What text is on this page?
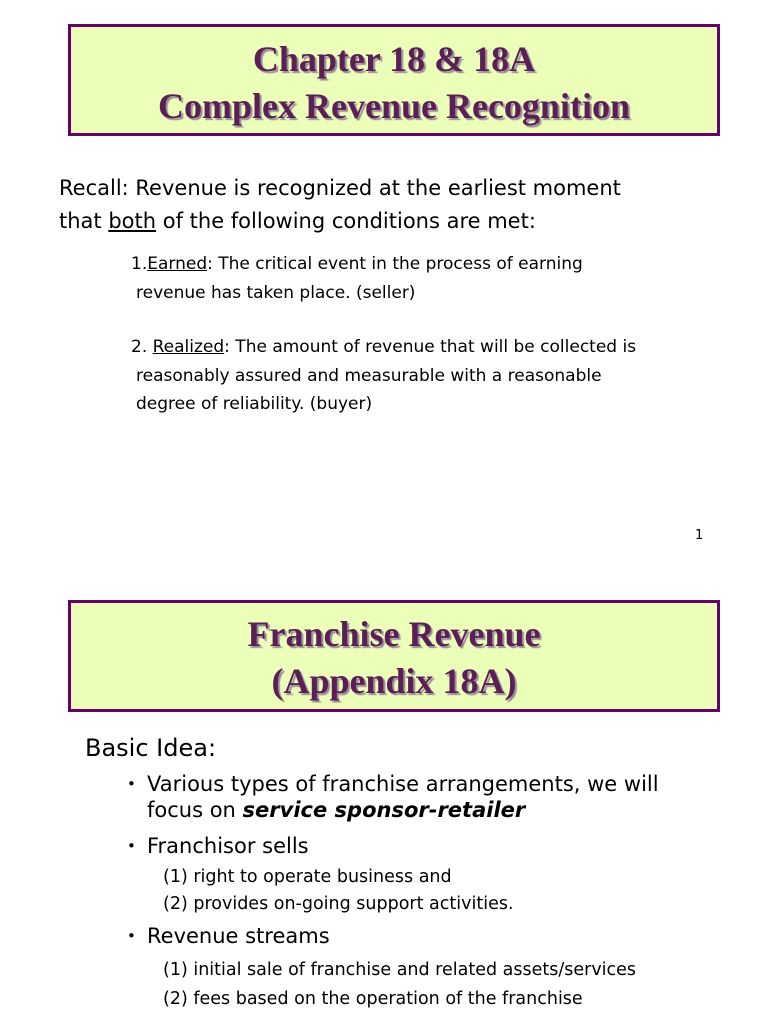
Chapter 18 & 18A
Complex Revenue Recognition
Recall: Revenue is recognized at the earliest moment
that both of the following conditions are met:
1.Earned: The critical event in the process of earning
revenue has taken place. (seller)
2. Realized: The amount of revenue that will be collected is
reasonably assured and measurable with a reasonable
degree of reliability. (buyer)
1
Franchise Revenue
(Appendix 18A)
Basic Idea:
• Various types of franchise arrangements, we will
focus on service sponsor-retailer
• Franchisor sells
(1) right to operate business and
(2) provides on-going support activities.
• Revenue streams
(1) initial sale of franchise and related assets/services
(2) fees based on the operation of the franchise
